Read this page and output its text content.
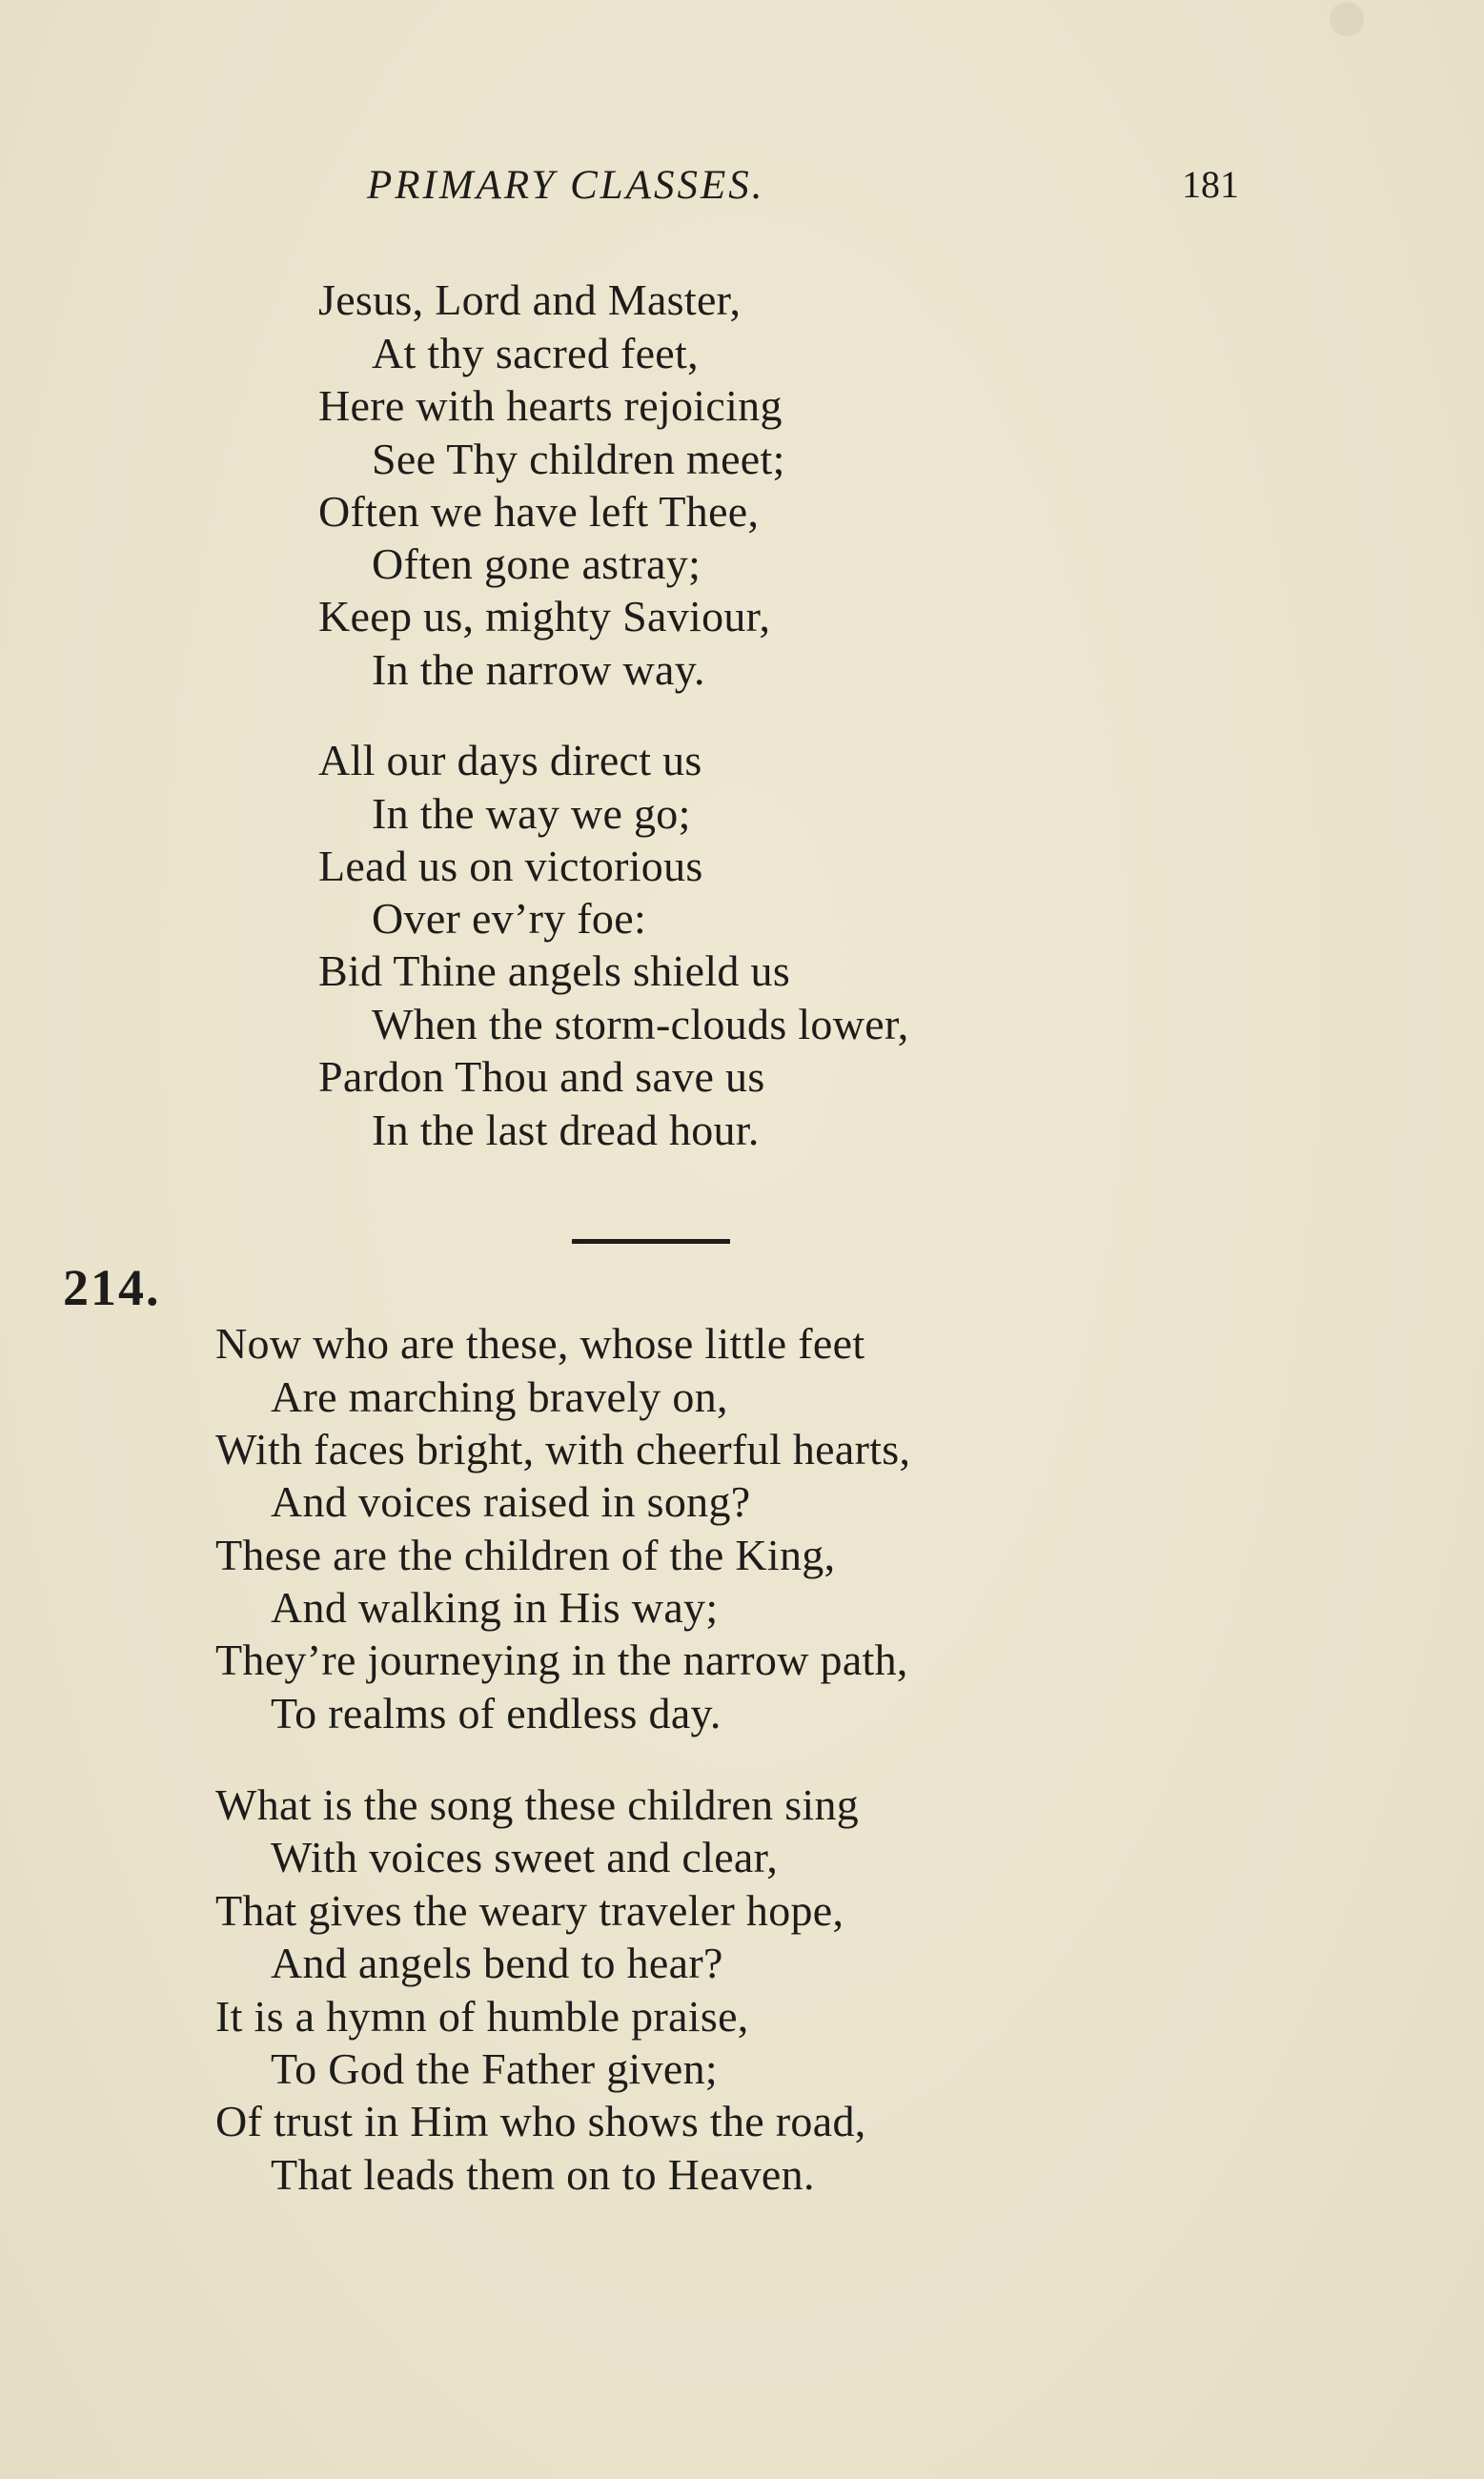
PRIMARY CLASSES.	181
Jesus, Lord and Master,
At thy sacred feet,
Here with hearts rejoicing
See Thy children meet;
Often we have left Thee,
Often gone astray;
Keep us, mighty Saviour,
In the narrow way.
All our days direct us
In the way we go;
Lead us on victorious
Over ev’ry foe:
Bid Thine angels shield us
When the storm-clouds lower,
Pardon Thou and save us
In the last dread hour.
214.
Now who are these, whose little feet
Are marching bravely on,
With faces bright, with cheerful hearts,
And voices raised in song?
These are the children of the King,
And walking in His way;
They’re journeying in the narrow path,
To realms of endless day.
What is the song these children sing
With voices sweet and clear,
That gives the weary traveler hope,
And angels bend to hear?
It is a hymn of humble praise,
To God the Father given;
Of trust in Him who shows the road,
That leads them on to Heaven.
